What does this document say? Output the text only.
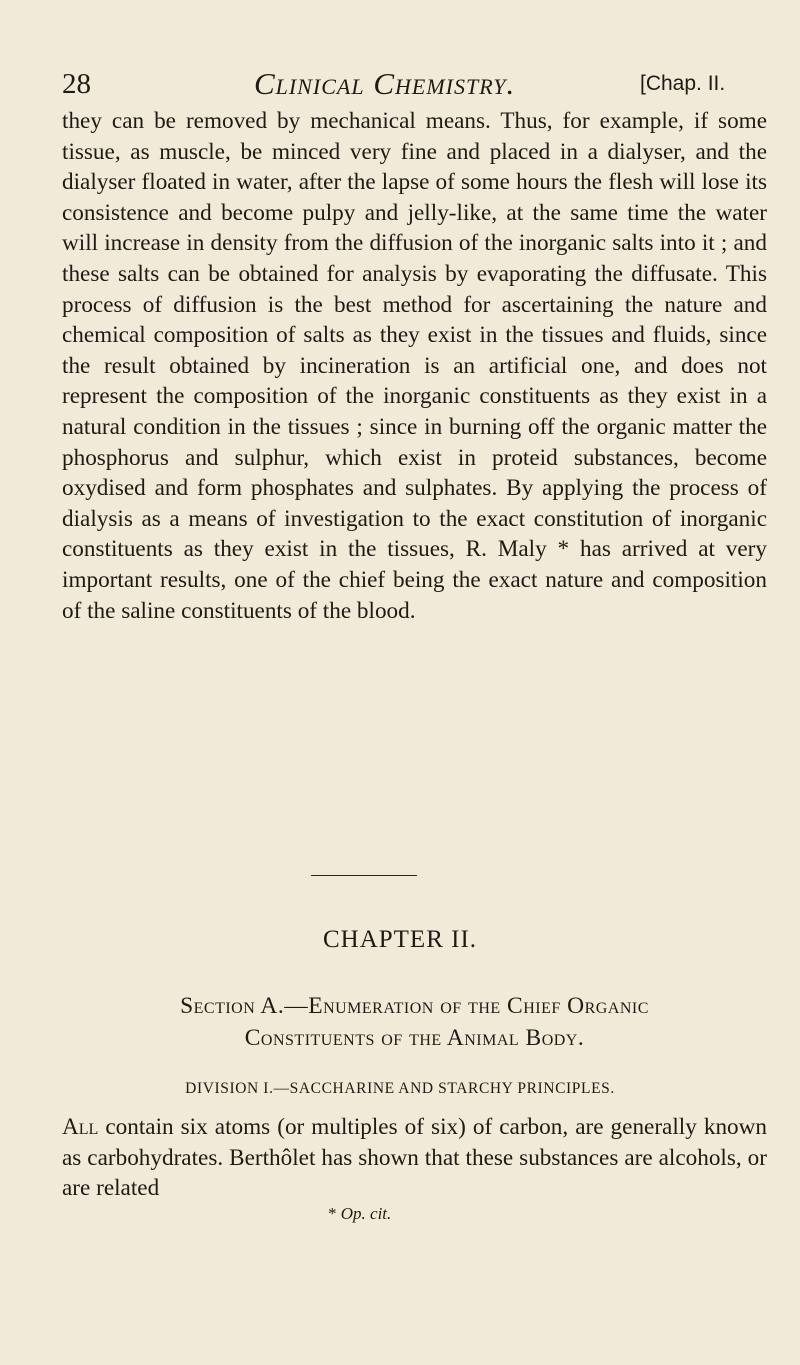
28	Clinical Chemistry.	[Chap. II.

they can be removed by mechanical means. Thus, for example, if some tissue, as muscle, be minced very fine and placed in a dialyser, and the dialyser floated in water, after the lapse of some hours the flesh will lose its consistence and become pulpy and jelly-like, at the same time the water will increase in density from the diffusion of the inorganic salts into it ; and these salts can be obtained for analysis by evaporating the diffusate. This process of diffusion is the best method for ascertaining the nature and chemical composition of salts as they exist in the tissues and fluids, since the result obtained by incineration is an artificial one, and does not represent the composition of the inorganic constituents as they exist in a natural condition in the tissues ; since in burning off the organic matter the phosphorus and sulphur, which exist in proteid substances, become oxydised and form phosphates and sulphates. By applying the process of dialysis as a means of investigation to the exact constitution of inorganic constituents as they exist in the tissues, R. Maly * has arrived at very important results, one of the chief being the exact nature and composition of the saline constituents of the blood.

CHAPTER II.

Section A.—Enumeration of the Chief Organic
Constituents of the Animal Body.

DIVISION I.—SACCHARINE AND STARCHY PRINCIPLES.

All contain six atoms (or multiples of six) of carbon, are generally known as carbohydrates. Berthôlet has shown that these substances are alcohols, or are related

* Op. cit.
